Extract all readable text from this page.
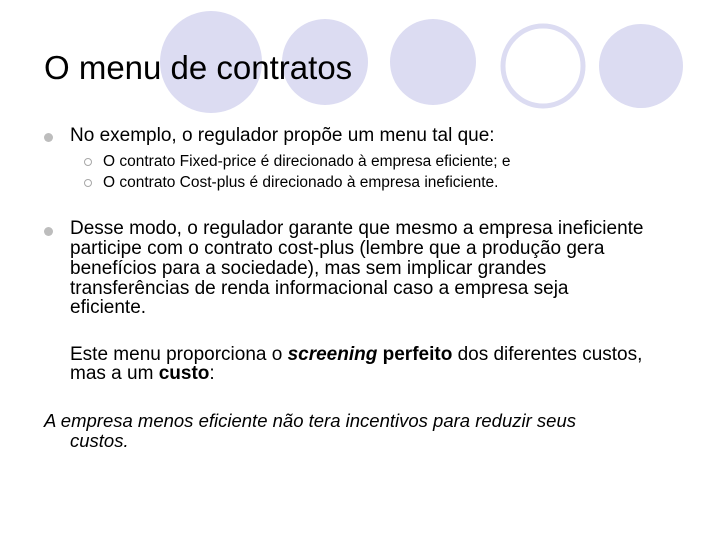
O menu de contratos
No exemplo, o regulador propõe um menu tal que:
O contrato Fixed-price é direcionado à empresa eficiente; e
O contrato Cost-plus é direcionado à empresa ineficiente.
Desse modo, o regulador garante que mesmo a empresa ineficiente
participe com o contrato cost-plus (lembre que a produção gera
benefícios para a sociedade), mas sem implicar grandes
transferências de renda informacional caso a empresa seja
eficiente.
Este menu proporciona o screening perfeito dos diferentes custos,
mas a um custo:
A empresa menos eficiente não tera incentivos para reduzir seus
custos.
